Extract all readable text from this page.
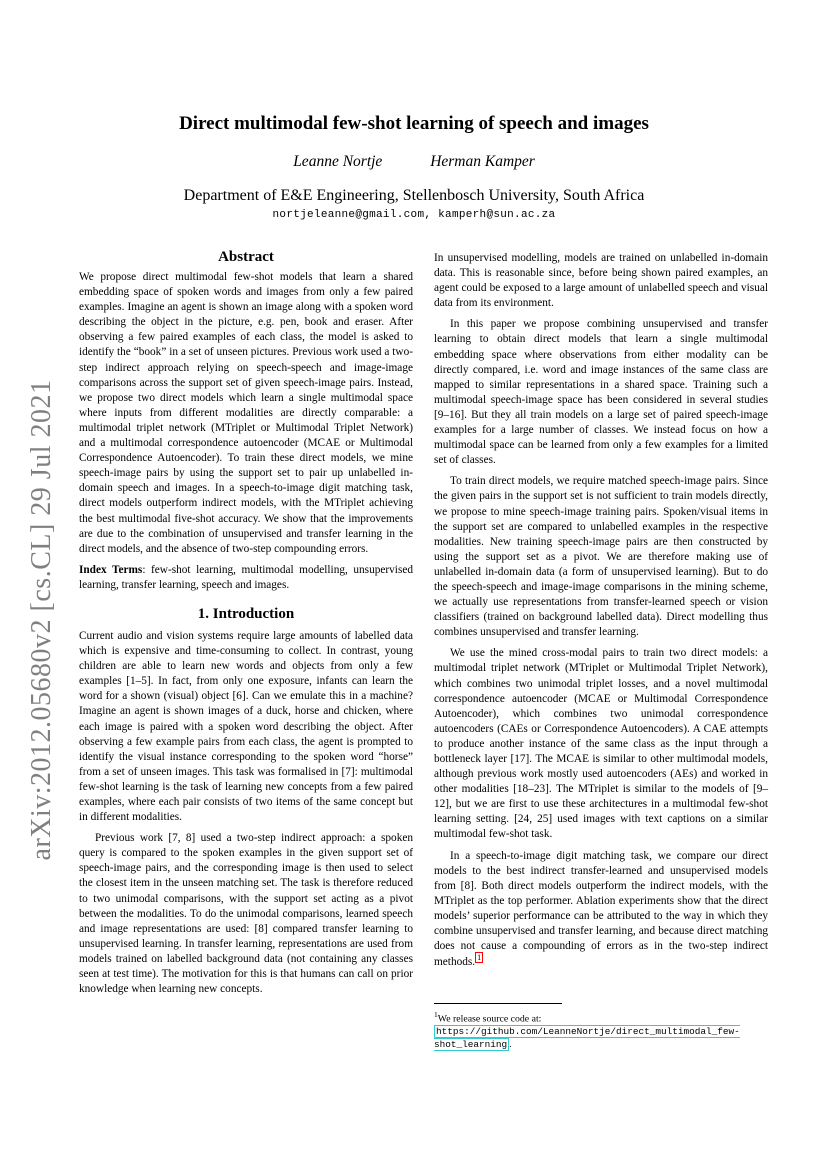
arXiv:2012.05680v2 [cs.CL] 29 Jul 2021
Direct multimodal few-shot learning of speech and images
Leanne Nortje	Herman Kamper
Department of E&E Engineering, Stellenbosch University, South Africa
nortjeleanne@gmail.com, kamperh@sun.ac.za
Abstract

We propose direct multimodal few-shot models that learn a shared embedding space of spoken words and images from only a few paired examples. Imagine an agent is shown an image along with a spoken word describing the object in the picture, e.g. pen, book and eraser. After observing a few paired examples of each class, the model is asked to identify the “book” in a set of unseen pictures. Previous work used a two-step indirect approach relying on speech-speech and image-image comparisons across the support set of given speech-image pairs. Instead, we propose two direct models which learn a single multimodal space where inputs from different modalities are directly comparable: a multimodal triplet network (MTriplet or Multimodal Triplet Network) and a multimodal correspondence autoencoder (MCAE or Multimodal Correspondence Autoencoder). To train these direct models, we mine speech-image pairs by using the support set to pair up unlabelled in-domain speech and images. In a speech-to-image digit matching task, direct models outperform indirect models, with the MTriplet achieving the best multimodal five-shot accuracy. We show that the improvements are due to the combination of unsupervised and transfer learning in the direct models, and the absence of two-step compounding errors.

Index Terms: few-shot learning, multimodal modelling, unsupervised learning, transfer learning, speech and images.

1. Introduction

Current audio and vision systems require large amounts of labelled data which is expensive and time-consuming to collect. In contrast, young children are able to learn new words and objects from only a few examples [1–5]. In fact, from only one exposure, infants can learn the word for a shown (visual) object [6]. Can we emulate this in a machine? Imagine an agent is shown images of a duck, horse and chicken, where each image is paired with a spoken word describing the object. After observing a few example pairs from each class, the agent is prompted to identify the visual instance corresponding to the spoken word “horse” from a set of unseen images. This task was formalised in [7]: multimodal few-shot learning is the task of learning new concepts from a few paired examples, where each pair consists of two items of the same concept but in different modalities.

Previous work [7, 8] used a two-step indirect approach: a spoken query is compared to the spoken examples in the given support set of speech-image pairs, and the corresponding image is then used to select the closest item in the unseen matching set. The task is therefore reduced to two unimodal comparisons, with the support set acting as a pivot between the modalities. To do the unimodal comparisons, learned speech and image representations are used: [8] compared transfer learning to unsupervised learning. In transfer learning, representations are used from models trained on labelled background data (not containing any classes seen at test time). The motivation for this is that humans can call on prior knowledge when learning new concepts.

In unsupervised modelling, models are trained on unlabelled in-domain data. This is reasonable since, before being shown paired examples, an agent could be exposed to a large amount of unlabelled speech and visual data from its environment.

In this paper we propose combining unsupervised and transfer learning to obtain direct models that learn a single multimodal embedding space where observations from either modality can be directly compared, i.e. word and image instances of the same class are mapped to similar representations in a shared space. Training such a multimodal speech-image space has been considered in several studies [9–16]. But they all train models on a large set of paired speech-image examples for a large number of classes. We instead focus on how a multimodal space can be learned from only a few examples for a limited set of classes.

To train direct models, we require matched speech-image pairs. Since the given pairs in the support set is not sufficient to train models directly, we propose to mine speech-image training pairs. Spoken/visual items in the support set are compared to unlabelled examples in the respective modalities. New training speech-image pairs are then constructed by using the support set as a pivot. We are therefore making use of unlabelled in-domain data (a form of unsupervised learning). But to do the speech-speech and image-image comparisons in the mining scheme, we actually use representations from transfer-learned speech or vision classifiers (trained on background labelled data). Direct modelling thus combines unsupervised and transfer learning.

We use the mined cross-modal pairs to train two direct models: a multimodal triplet network (MTriplet or Multimodal Triplet Network), which combines two unimodal triplet losses, and a novel multimodal correspondence autoencoder (MCAE or Multimodal Correspondence Autoencoder), which combines two unimodal correspondence autoencoders (CAEs or Correspondence Autoencoders). A CAE attempts to produce another instance of the same class as the input through a bottleneck layer [17]. The MCAE is similar to other multimodal models, although previous work mostly used autoencoders (AEs) and worked in other modalities [18–23]. The MTriplet is similar to the models of [9–12], but we are first to use these architectures in a multimodal few-shot learning setting. [24, 25] used images with text captions on a similar multimodal few-shot task.

In a speech-to-image digit matching task, we compare our direct models to the best indirect transfer-learned and unsupervised models from [8]. Both direct models outperform the indirect models, with the MTriplet as the top performer. Ablation experiments show that the direct models’ superior performance can be attributed to the way in which they combine unsupervised and transfer learning, and because direct matching does not cause a compounding of errors as in the two-step indirect methods. $^1$

$^1$We release source code at: https://github.com/LeanneNortje/direct_multimodal_few-shot_learning .
